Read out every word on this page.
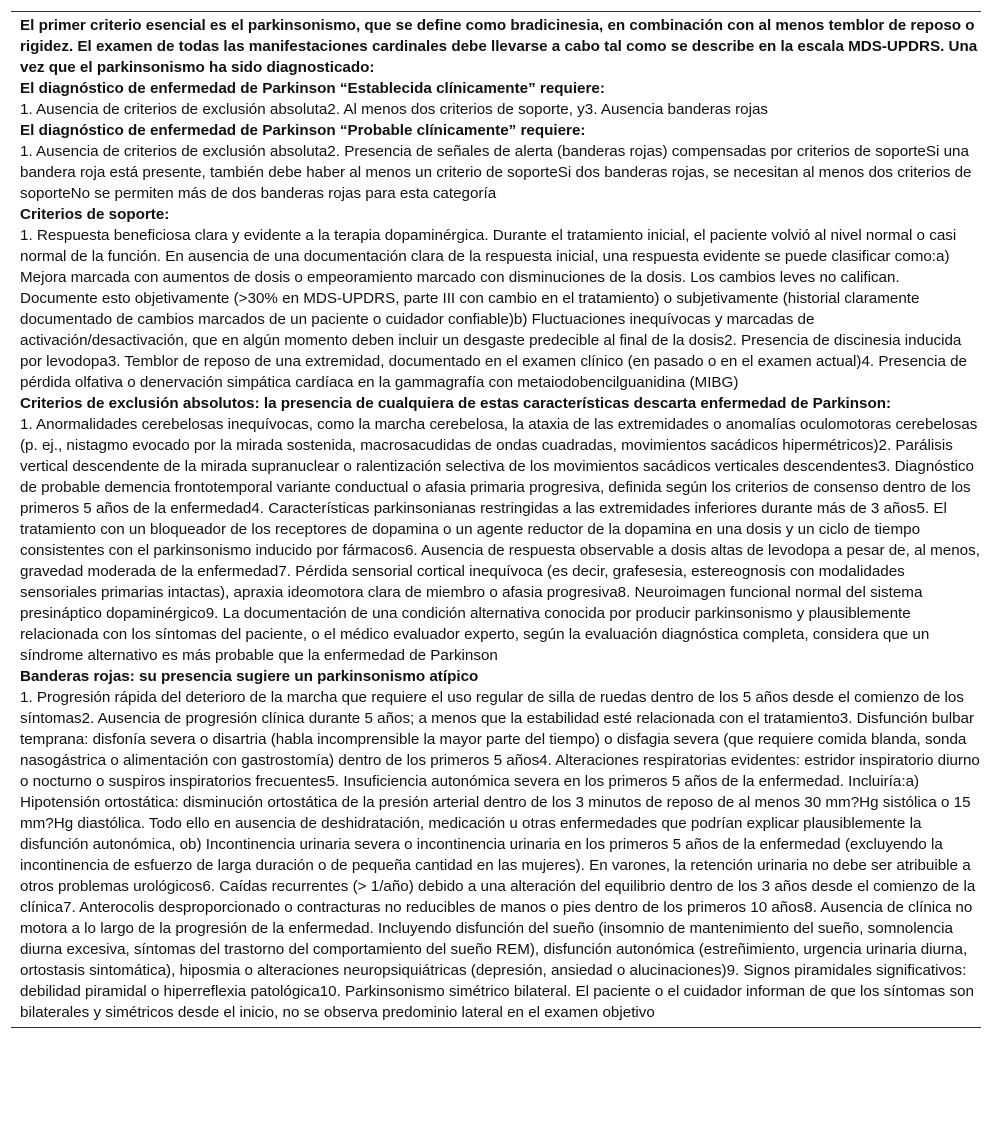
El primer criterio esencial es el parkinsonismo, que se define como bradicinesia, en combinación con al menos temblor de reposo o rigidez. El examen de todas las manifestaciones cardinales debe llevarse a cabo tal como se describe en la escala MDS-UPDRS. Una vez que el parkinsonismo ha sido diagnosticado:

El diagnóstico de enfermedad de Parkinson “Establecida clínicamente” requiere:

1. Ausencia de criterios de exclusión absoluta2. Al menos dos criterios de soporte, y3. Ausencia banderas rojas

El diagnóstico de enfermedad de Parkinson “Probable clínicamente” requiere:

1. Ausencia de criterios de exclusión absoluta2. Presencia de señales de alerta (banderas rojas) compensadas por criterios de soporteSi una bandera roja está presente, también debe haber al menos un criterio de soporteSi dos banderas rojas, se necesitan al menos dos criterios de soporteNo se permiten más de dos banderas rojas para esta categoría

Criterios de soporte:

1. Respuesta beneficiosa clara y evidente a la terapia dopaminérgica. Durante el tratamiento inicial, el paciente volvió al nivel normal o casi normal de la función. En ausencia de una documentación clara de la respuesta inicial, una respuesta evidente se puede clasificar como:a) Mejora marcada con aumentos de dosis o empeoramiento marcado con disminuciones de la dosis. Los cambios leves no califican. Documente esto objetivamente (>30% en MDS-UPDRS, parte III con cambio en el tratamiento) o subjetivamente (historial claramente documentado de cambios marcados de un paciente o cuidador confiable)b) Fluctuaciones inequívocas y marcadas de activación/desactivación, que en algún momento deben incluir un desgaste predecible al final de la dosis2. Presencia de discinesia inducida por levodopa3. Temblor de reposo de una extremidad, documentado en el examen clínico (en pasado o en el examen actual)4. Presencia de pérdida olfativa o denervación simpática cardíaca en la gammagrafía con metaiodobencilguanidina (MIBG)

Criterios de exclusión absolutos: la presencia de cualquiera de estas características descarta enfermedad de Parkinson:

1. Anormalidades cerebelosas inequívocas, como la marcha cerebelosa, la ataxia de las extremidades o anomalías oculomotoras cerebelosas (p. ej., nistagmo evocado por la mirada sostenida, macrosacudidas de ondas cuadradas, movimientos sacádicos hipermétricos)2. Parálisis vertical descendente de la mirada supranuclear o ralentización selectiva de los movimientos sacádicos verticales descendentes3. Diagnóstico de probable demencia frontotemporal variante conductual o afasia primaria progresiva, definida según los criterios de consenso dentro de los primeros 5 años de la enfermedad4. Características parkinsonianas restringidas a las extremidades inferiores durante más de 3 años5. El tratamiento con un bloqueador de los receptores de dopamina o un agente reductor de la dopamina en una dosis y un ciclo de tiempo consistentes con el parkinsonismo inducido por fármacos6. Ausencia de respuesta observable a dosis altas de levodopa a pesar de, al menos, gravedad moderada de la enfermedad7. Pérdida sensorial cortical inequívoca (es decir, grafesesia, estereognosis con modalidades sensoriales primarias intactas), apraxia ideomotora clara de miembro o afasia progresiva8. Neuroimagen funcional normal del sistema presináptico dopaminérgico9. La documentación de una condición alternativa conocida por producir parkinsonismo y plausiblemente relacionada con los síntomas del paciente, o el médico evaluador experto, según la evaluación diagnóstica completa, considera que un síndrome alternativo es más probable que la enfermedad de Parkinson

Banderas rojas: su presencia sugiere un parkinsonismo atípico

1. Progresión rápida del deterioro de la marcha que requiere el uso regular de silla de ruedas dentro de los 5 años desde el comienzo de los síntomas2. Ausencia de progresión clínica durante 5 años; a menos que la estabilidad esté relacionada con el tratamiento3. Disfunción bulbar temprana: disfonía severa o disartria (habla incomprensible la mayor parte del tiempo) o disfagia severa (que requiere comida blanda, sonda nasogástrica o alimentación con gastrostomía) dentro de los primeros 5 años4. Alteraciones respiratorias evidentes: estridor inspiratorio diurno o nocturno o suspiros inspiratorios frecuentes5. Insuficiencia autonómica severa en los primeros 5 años de la enfermedad. Incluiría:a) Hipotensión ortostática: disminución ortostática de la presión arterial dentro de los 3 minutos de reposo de al menos 30 mm?Hg sistólica o 15 mm?Hg diastólica. Todo ello en ausencia de deshidratación, medicación u otras enfermedades que podrían explicar plausiblemente la disfunción autonómica, ob) Incontinencia urinaria severa o incontinencia urinaria en los primeros 5 años de la enfermedad (excluyendo la incontinencia de esfuerzo de larga duración o de pequeña cantidad en las mujeres). En varones, la retención urinaria no debe ser atribuible a otros problemas urológicos6. Caídas recurrentes (> 1/año) debido a una alteración del equilibrio dentro de los 3 años desde el comienzo de la clínica7. Anterocolis desproporcionado o contracturas no reducibles de manos o pies dentro de los primeros 10 años8. Ausencia de clínica no motora a lo largo de la progresión de la enfermedad. Incluyendo disfunción del sueño (insomnio de mantenimiento del sueño, somnolencia diurna excesiva, síntomas del trastorno del comportamiento del sueño REM), disfunción autonómica (estreñimiento, urgencia urinaria diurna, ortostasis sintomática), hiposmia o alteraciones neuropsiquiátricas (depresión, ansiedad o alucinaciones)9. Signos piramidales significativos: debilidad piramidal o hiperreflexia patológica10. Parkinsonismo simétrico bilateral. El paciente o el cuidador informan de que los síntomas son bilaterales y simétricos desde el inicio, no se observa predominio lateral en el examen objetivo
